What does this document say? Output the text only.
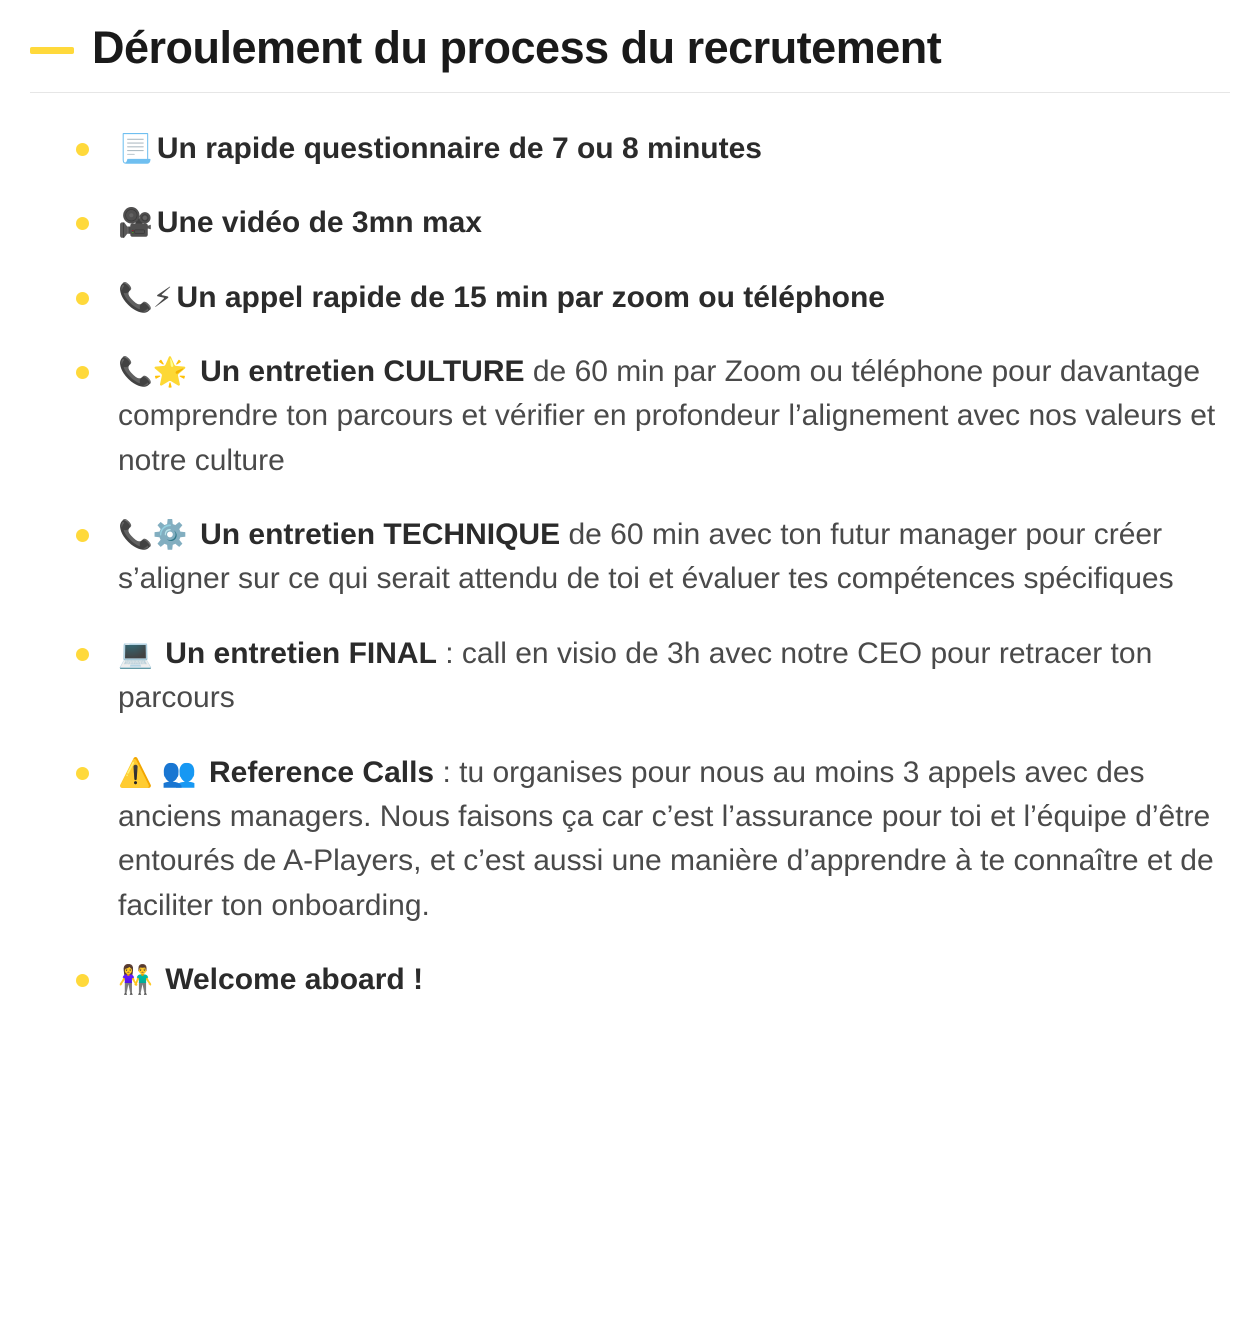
Déroulement du process du recrutement
📃 Un rapide questionnaire de 7 ou 8 minutes
🎥 Une vidéo de 3mn max
📞⚡ Un appel rapide de 15 min par zoom ou téléphone
📞🌟 Un entretien CULTURE de 60 min par Zoom ou téléphone pour davantage comprendre ton parcours et vérifier en profondeur l’alignement avec nos valeurs et notre culture
📞⚙️ Un entretien TECHNIQUE de 60 min avec ton futur manager pour créer s’aligner sur ce qui serait attendu de toi et évaluer tes compétences spécifiques
💻 Un entretien FINAL : call en visio de 3h avec notre CEO pour retracer ton parcours
⚠️ 👥 Reference Calls : tu organises pour nous au moins 3 appels avec des anciens managers. Nous faisons ça car c’est l’assurance pour toi et l’équipe d’être entourés de A-Players, et c’est aussi une manière d’apprendre à te connaître et de faciliter ton onboarding.
👫 Welcome aboard !
